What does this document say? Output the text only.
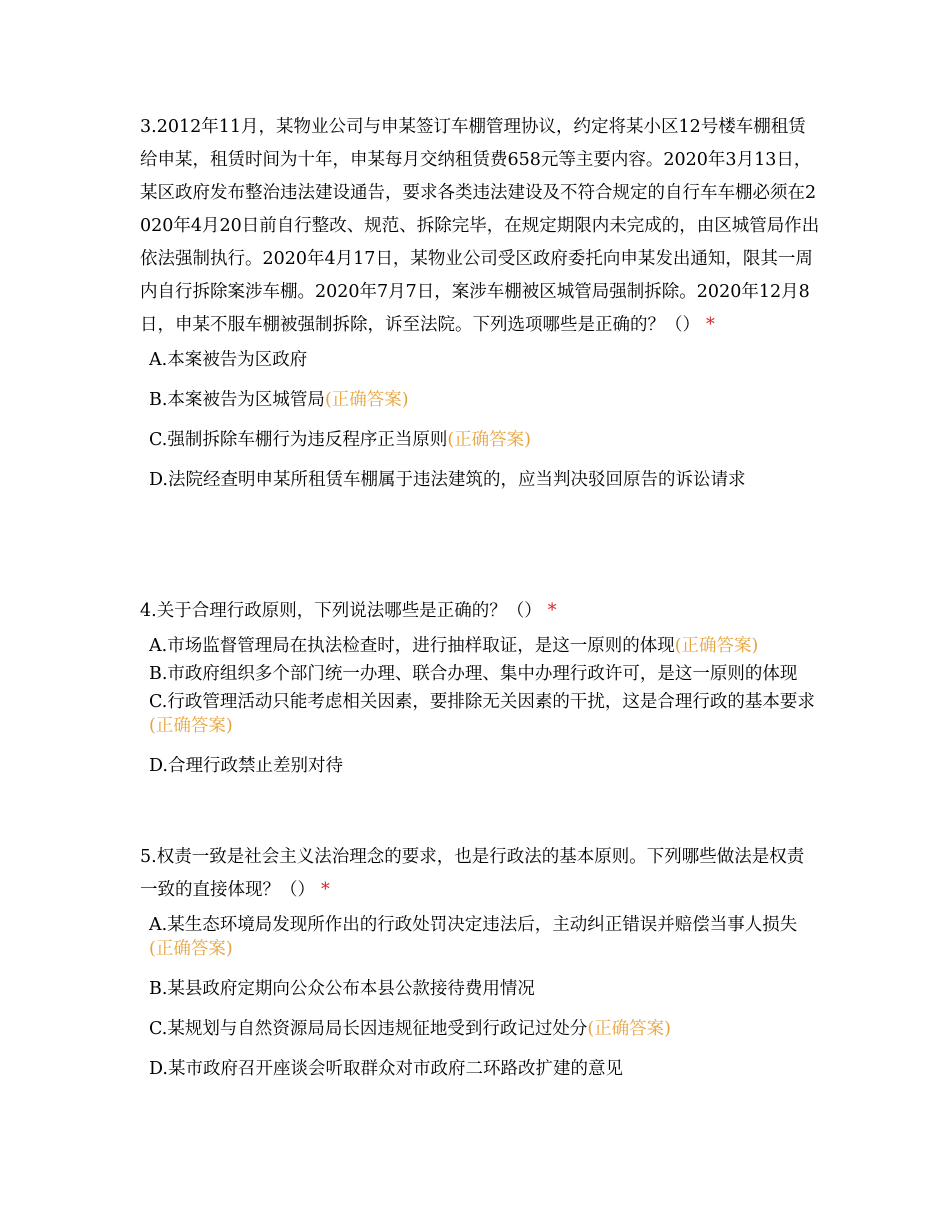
3.2012年11月，某物业公司与申某签订车棚管理协议，约定将某小区12号楼车棚租赁给申某，租赁时间为十年，申某每月交纳租赁费658元等主要内容。2020年3月13日，某区政府发布整治违法建设通告，要求各类违法建设及不符合规定的自行车车棚必须在2020年4月20日前自行整改、规范、拆除完毕，在规定期限内未完成的，由区城管局作出依法强制执行。2020年4月17日，某物业公司受区政府委托向申某发出通知，限其一周内自行拆除案涉车棚。2020年7月7日，案涉车棚被区城管局强制拆除。2020年12月8日，申某不服车棚被强制拆除，诉至法院。下列选项哪些是正确的？（） *
A.本案被告为区政府
B.本案被告为区城管局(正确答案)
C.强制拆除车棚行为违反程序正当原则(正确答案)
D.法院经查明申某所租赁车棚属于违法建筑的，应当判决驳回原告的诉讼请求
4.关于合理行政原则，下列说法哪些是正确的？（） *
A.市场监督管理局在执法检查时，进行抽样取证，是这一原则的体现(正确答案)
B.市政府组织多个部门统一办理、联合办理、集中办理行政许可，是这一原则的体现
C.行政管理活动只能考虑相关因素，要排除无关因素的干扰，这是合理行政的基本要求(正确答案)
D.合理行政禁止差别对待
5.权责一致是社会主义法治理念的要求，也是行政法的基本原则。下列哪些做法是权责一致的直接体现？（） *
A.某生态环境局发现所作出的行政处罚决定违法后，主动纠正错误并赔偿当事人损失(正确答案)
B.某县政府定期向公众公布本县公款接待费用情况
C.某规划与自然资源局局长因违规征地受到行政记过处分(正确答案)
D.某市政府召开座谈会听取群众对市政府二环路改扩建的意见
